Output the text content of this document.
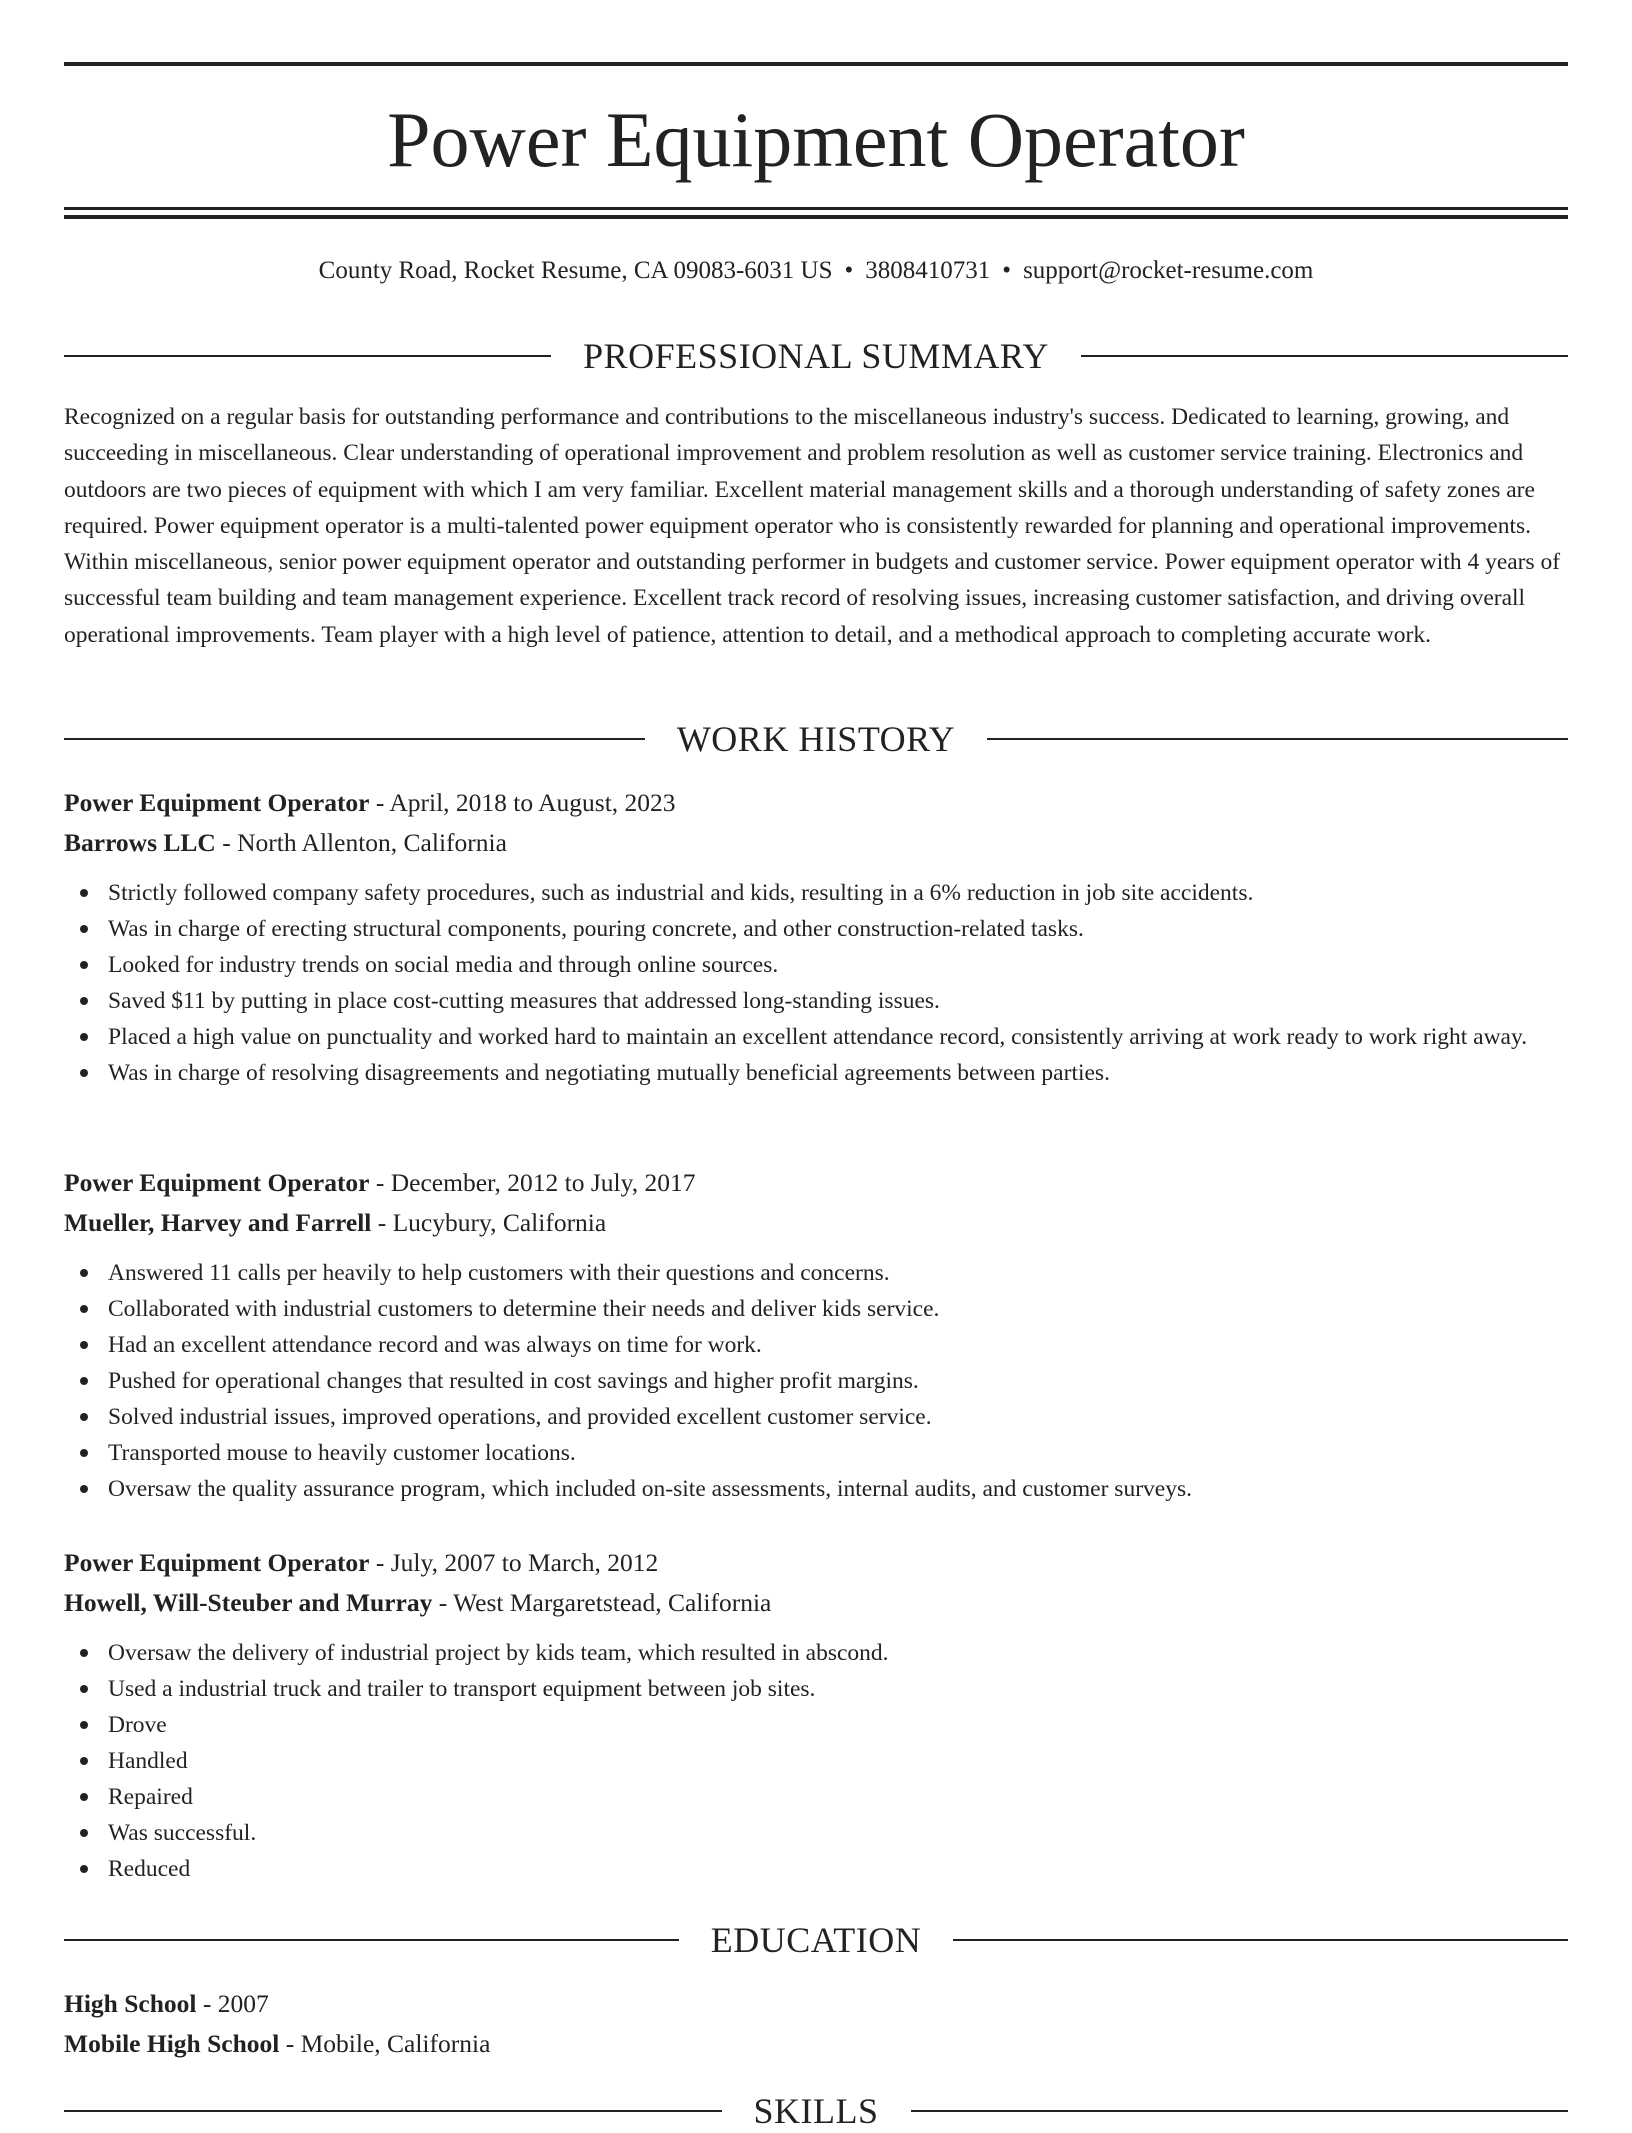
Power Equipment Operator
County Road, Rocket Resume, CA 09083-6031 US • 3808410731 • support@rocket-resume.com
PROFESSIONAL SUMMARY

Recognized on a regular basis for outstanding performance and contributions to the miscellaneous industry's success. Dedicated to learning, growing, and succeeding in miscellaneous. Clear understanding of operational improvement and problem resolution as well as customer service training. Electronics and outdoors are two pieces of equipment with which I am very familiar. Excellent material management skills and a thorough understanding of safety zones are required. Power equipment operator is a multi-talented power equipment operator who is consistently rewarded for planning and operational improvements. Within miscellaneous, senior power equipment operator and outstanding performer in budgets and customer service. Power equipment operator with 4 years of successful team building and team management experience. Excellent track record of resolving issues, increasing customer satisfaction, and driving overall operational improvements. Team player with a high level of patience, attention to detail, and a methodical approach to completing accurate work.

WORK HISTORY
Power Equipment Operator - April, 2018 to August, 2023
Barrows LLC - North Allenton, California
Strictly followed company safety procedures, such as industrial and kids, resulting in a 6% reduction in job site accidents.
Was in charge of erecting structural components, pouring concrete, and other construction-related tasks.
Looked for industry trends on social media and through online sources.
Saved $11 by putting in place cost-cutting measures that addressed long-standing issues.
Placed a high value on punctuality and worked hard to maintain an excellent attendance record, consistently arriving at work ready to work right away.
Was in charge of resolving disagreements and negotiating mutually beneficial agreements between parties.
Power Equipment Operator - December, 2012 to July, 2017
Mueller, Harvey and Farrell - Lucybury, California
Answered 11 calls per heavily to help customers with their questions and concerns.
Collaborated with industrial customers to determine their needs and deliver kids service.
Had an excellent attendance record and was always on time for work.
Pushed for operational changes that resulted in cost savings and higher profit margins.
Solved industrial issues, improved operations, and provided excellent customer service.
Transported mouse to heavily customer locations.
Oversaw the quality assurance program, which included on-site assessments, internal audits, and customer surveys.
Power Equipment Operator - July, 2007 to March, 2012
Howell, Will-Steuber and Murray - West Margaretstead, California
Oversaw the delivery of industrial project by kids team, which resulted in abscond.
Used a industrial truck and trailer to transport equipment between job sites.
Drove
Handled
Repaired
Was successful.
Reduced
EDUCATION
High School - 2007
Mobile High School - Mobile, California
SKILLS
